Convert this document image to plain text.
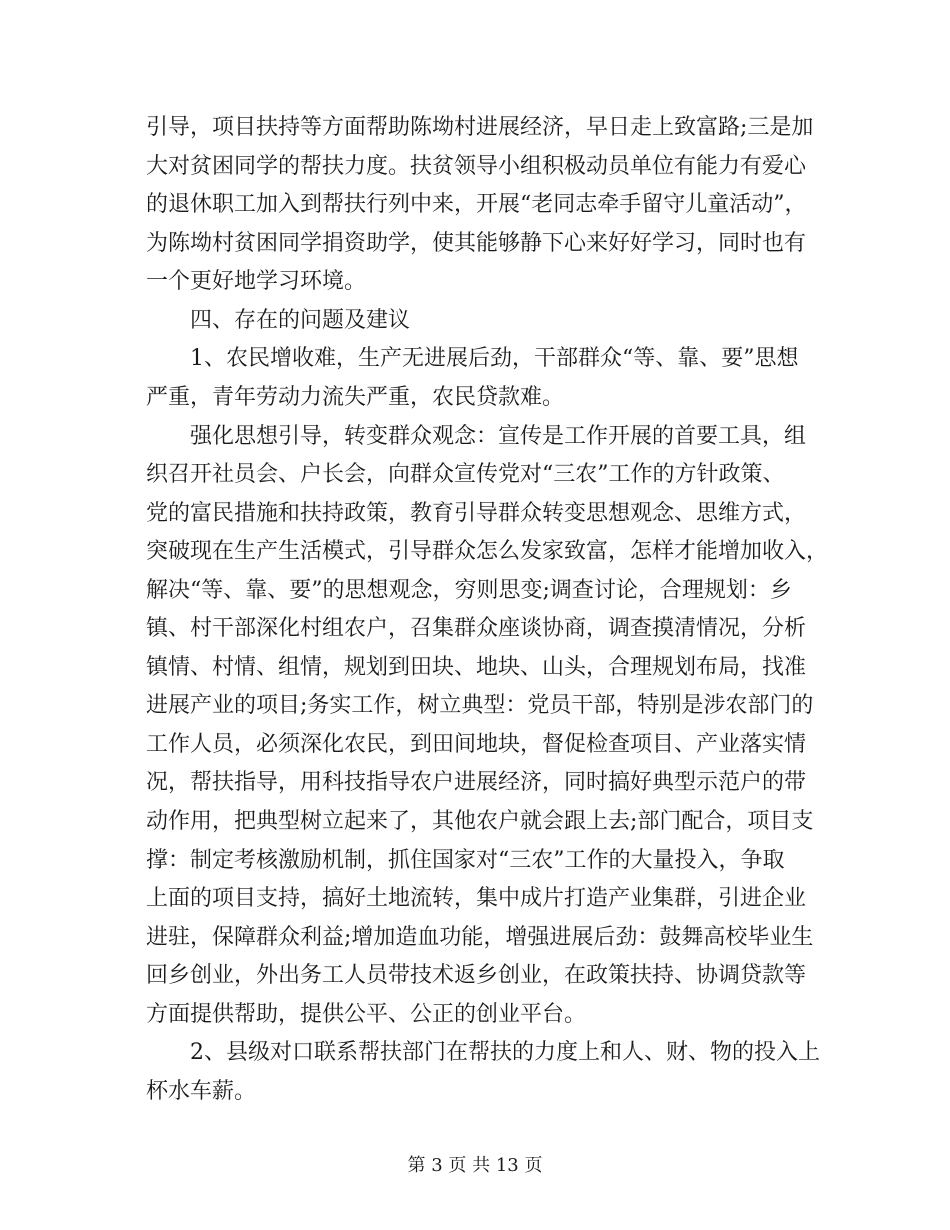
引导，项目扶持等方面帮助陈坳村进展经济，早日走上致富路;三是加
大对贫困同学的帮扶力度。扶贫领导小组积极动员单位有能力有爱心
的退休职工加入到帮扶行列中来，开展“老同志牵手留守儿童活动”，
为陈坳村贫困同学捐资助学，使其能够静下心来好好学习，同时也有
一个更好地学习环境。
四、存在的问题及建议
1、农民增收难，生产无进展后劲，干部群众“等、靠、要”思想
严重，青年劳动力流失严重，农民贷款难。
强化思想引导，转变群众观念：宣传是工作开展的首要工具，组
织召开社员会、户长会，向群众宣传党对“三农”工作的方针政策、
党的富民措施和扶持政策，教育引导群众转变思想观念、思维方式，
突破现在生产生活模式，引导群众怎么发家致富，怎样才能增加收入，
解决“等、靠、要”的思想观念，穷则思变;调查讨论，合理规划：乡
镇、村干部深化村组农户，召集群众座谈协商，调查摸清情况，分析
镇情、村情、组情，规划到田块、地块、山头，合理规划布局，找准
进展产业的项目;务实工作，树立典型：党员干部，特别是涉农部门的
工作人员，必须深化农民，到田间地块，督促检查项目、产业落实情
况，帮扶指导，用科技指导农户进展经济，同时搞好典型示范户的带
动作用，把典型树立起来了，其他农户就会跟上去;部门配合，项目支
撑：制定考核激励机制，抓住国家对“三农”工作的大量投入，争取
上面的项目支持，搞好土地流转，集中成片打造产业集群，引进企业
进驻，保障群众利益;增加造血功能，增强进展后劲：鼓舞高校毕业生
回乡创业，外出务工人员带技术返乡创业，在政策扶持、协调贷款等
方面提供帮助，提供公平、公正的创业平台。
2、县级对口联系帮扶部门在帮扶的力度上和人、财、物的投入上
杯水车薪。
第 3 页 共 13 页
